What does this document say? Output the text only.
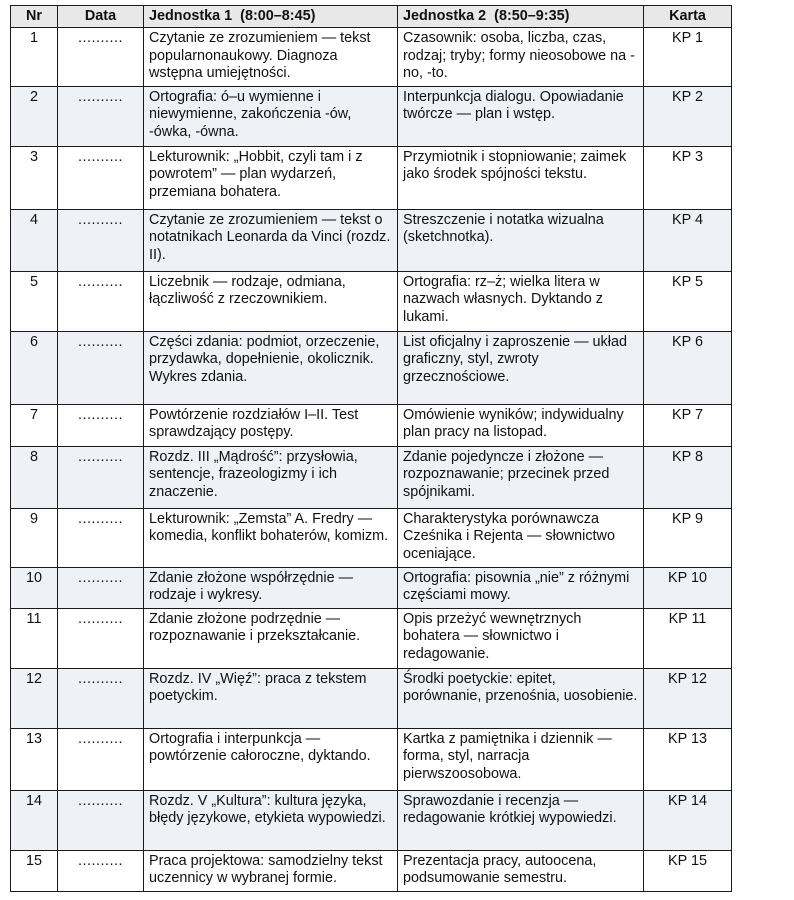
Nr	Data	Jednostka 1  (8:00–8:45)	Jednostka 2  (8:50–9:35)	Karta
1	..........	Czytanie ze zrozumieniem — tekst popularnonaukowy. Diagnoza wstępna umiejętności.	Czasownik: osoba, liczba, czas, rodzaj; tryby; formy nieosobowe na -no, -to.	KP 1
2	..........	Ortografia: ó–u wymienne i niewymienne, zakończenia -ów, -ówka, -ówna.	Interpunkcja dialogu. Opowiadanie twórcze — plan i wstęp.	KP 2
3	..........	Lekturownik: „Hobbit, czyli tam i z powrotem” — plan wydarzeń, przemiana bohatera.	Przymiotnik i stopniowanie; zaimek jako środek spójności tekstu.	KP 3
4	..........	Czytanie ze zrozumieniem — tekst o notatnikach Leonarda da Vinci (rozdz. II).	Streszczenie i notatka wizualna (sketchnotka).	KP 4
5	..........	Liczebnik — rodzaje, odmiana, łączliwość z rzeczownikiem.	Ortografia: rz–ż; wielka litera w nazwach własnych. Dyktando z lukami.	KP 5
6	..........	Części zdania: podmiot, orzeczenie, przydawka, dopełnienie, okolicznik. Wykres zdania.	List oficjalny i zaproszenie — układ graficzny, styl, zwroty grzecznościowe.	KP 6
7	..........	Powtórzenie rozdziałów I–II. Test sprawdzający postępy.	Omówienie wyników; indywidualny plan pracy na listopad.	KP 7
8	..........	Rozdz. III „Mądrość”: przysłowia, sentencje, frazeologizmy i ich znaczenie.	Zdanie pojedyncze i złożone — rozpoznawanie; przecinek przed spójnikami.	KP 8
9	..........	Lekturownik: „Zemsta” A. Fredry — komedia, konflikt bohaterów, komizm.	Charakterystyka porównawcza Cześnika i Rejenta — słownictwo oceniające.	KP 9
10	..........	Zdanie złożone współrzędnie — rodzaje i wykresy.	Ortografia: pisownia „nie” z różnymi częściami mowy.	KP 10
11	..........	Zdanie złożone podrzędnie — rozpoznawanie i przekształcanie.	Opis przeżyć wewnętrznych bohatera — słownictwo i redagowanie.	KP 11
12	..........	Rozdz. IV „Więź”: praca z tekstem poetyckim.	Środki poetyckie: epitet, porównanie, przenośnia, uosobienie.	KP 12
13	..........	Ortografia i interpunkcja — powtórzenie całoroczne, dyktando.	Kartka z pamiętnika i dziennik — forma, styl, narracja pierwszoosobowa.	KP 13
14	..........	Rozdz. V „Kultura”: kultura języka, błędy językowe, etykieta wypowiedzi.	Sprawozdanie i recenzja — redagowanie krótkiej wypowiedzi.	KP 14
15	..........	Praca projektowa: samodzielny tekst uczennicy w wybranej formie.	Prezentacja pracy, autoocena, podsumowanie semestru.	KP 15
